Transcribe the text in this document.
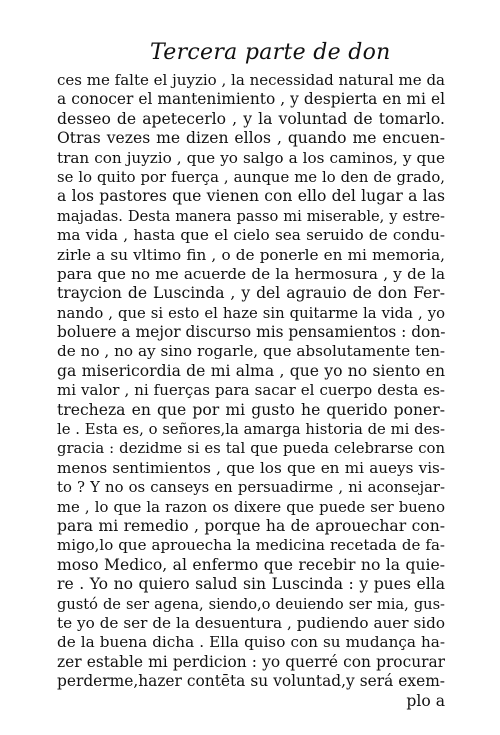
Tercera parte de don
ces me falte el juyzio , la necessidad natural me da
a conocer el mantenimiento , y despierta en mi el
desseo de apetecerlo , y la voluntad de tomarlo.
Otras vezes me dizen ellos , quando me encuen-
tran con juyzio , que yo salgo a los caminos, y que
se lo quito por fuerça , aunque me lo den de grado,
a los pastores que vienen con ello del lugar a las
majadas. Desta manera passo mi miserable, y estre-
ma vida , hasta que el cielo sea seruido de condu-
zirle a su vltimo fin , o de ponerle en mi memoria,
para que no me acuerde de la hermosura , y de la
traycion de Luscinda , y del agrauio de don Fer-
nando , que si esto el haze sin quitarme la vida , yo
boluere a mejor discurso mis pensamientos : don-
de no , no ay sino rogarle, que absolutamente ten-
ga misericordia de mi alma , que yo no siento en
mi valor , ni fuerças para sacar el cuerpo desta es-
trecheza en que por mi gusto he querido poner-
le . Esta es, o señores,la amarga historia de mi des-
gracia : dezidme si es tal que pueda celebrarse con
menos sentimientos , que los que en mi aueys vis-
to ? Y no os canseys en persuadirme , ni aconsejar-
me , lo que la razon os dixere que puede ser bueno
para mi remedio , porque ha de aprouechar con-
migo,lo que aprouecha la medicina recetada de fa-
moso Medico, al enfermo que recebir no la quie-
re . Yo no quiero salud sin Luscinda : y pues ella
gustó de ser agena, siendo,o deuiendo ser mia, gus-
te yo de ser de la desuentura , pudiendo auer sido
de la buena dicha . Ella quiso con su mudança ha-
zer estable mi perdicion : yo querré con procurar
perderme,hazer contēta su voluntad,y será exem-
plo a
